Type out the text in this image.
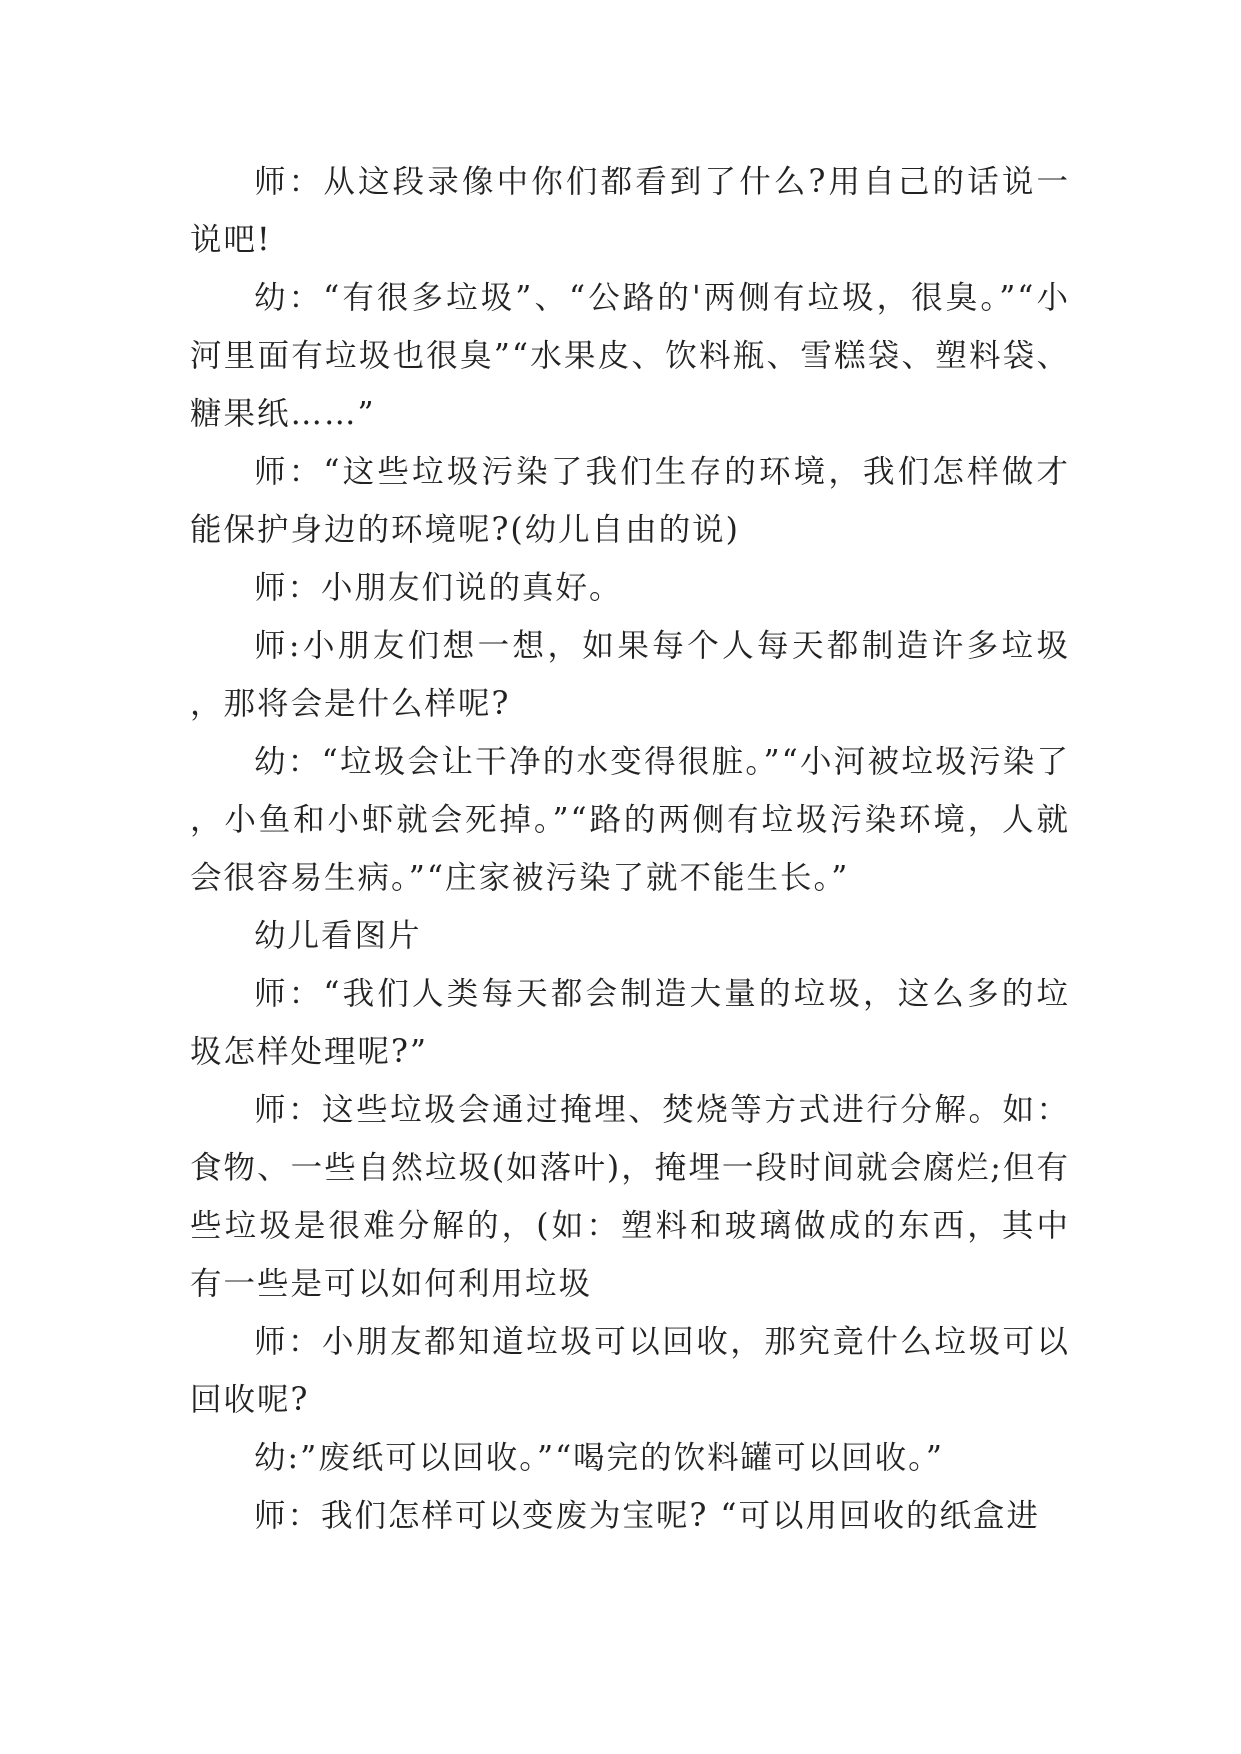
师：从这段录像中你们都看到了什么?用自己的话说一说吧!

幼：“有很多垃圾”、“公路的'两侧有垃圾，很臭。”“小河里面有垃圾也很臭”“水果皮、饮料瓶、雪糕袋、塑料袋、糖果纸……”

师：“这些垃圾污染了我们生存的环境，我们怎样做才能保护身边的环境呢?(幼儿自由的说)

师：小朋友们说的真好。

师:小朋友们想一想，如果每个人每天都制造许多垃圾，那将会是什么样呢?

幼：“垃圾会让干净的水变得很脏。”“小河被垃圾污染了，小鱼和小虾就会死掉。”“路的两侧有垃圾污染环境，人就会很容易生病。”“庄家被污染了就不能生长。”

幼儿看图片

师：“我们人类每天都会制造大量的垃圾，这么多的垃圾怎样处理呢?”

师：这些垃圾会通过掩埋、焚烧等方式进行分解。如：食物、一些自然垃圾(如落叶)，掩埋一段时间就会腐烂;但有些垃圾是很难分解的，(如：塑料和玻璃做成的东西，其中有一些是可以如何利用垃圾

师：小朋友都知道垃圾可以回收，那究竟什么垃圾可以回收呢?

幼:”废纸可以回收。”“喝完的饮料罐可以回收。”

师：我们怎样可以变废为宝呢? “可以用回收的纸盒进
